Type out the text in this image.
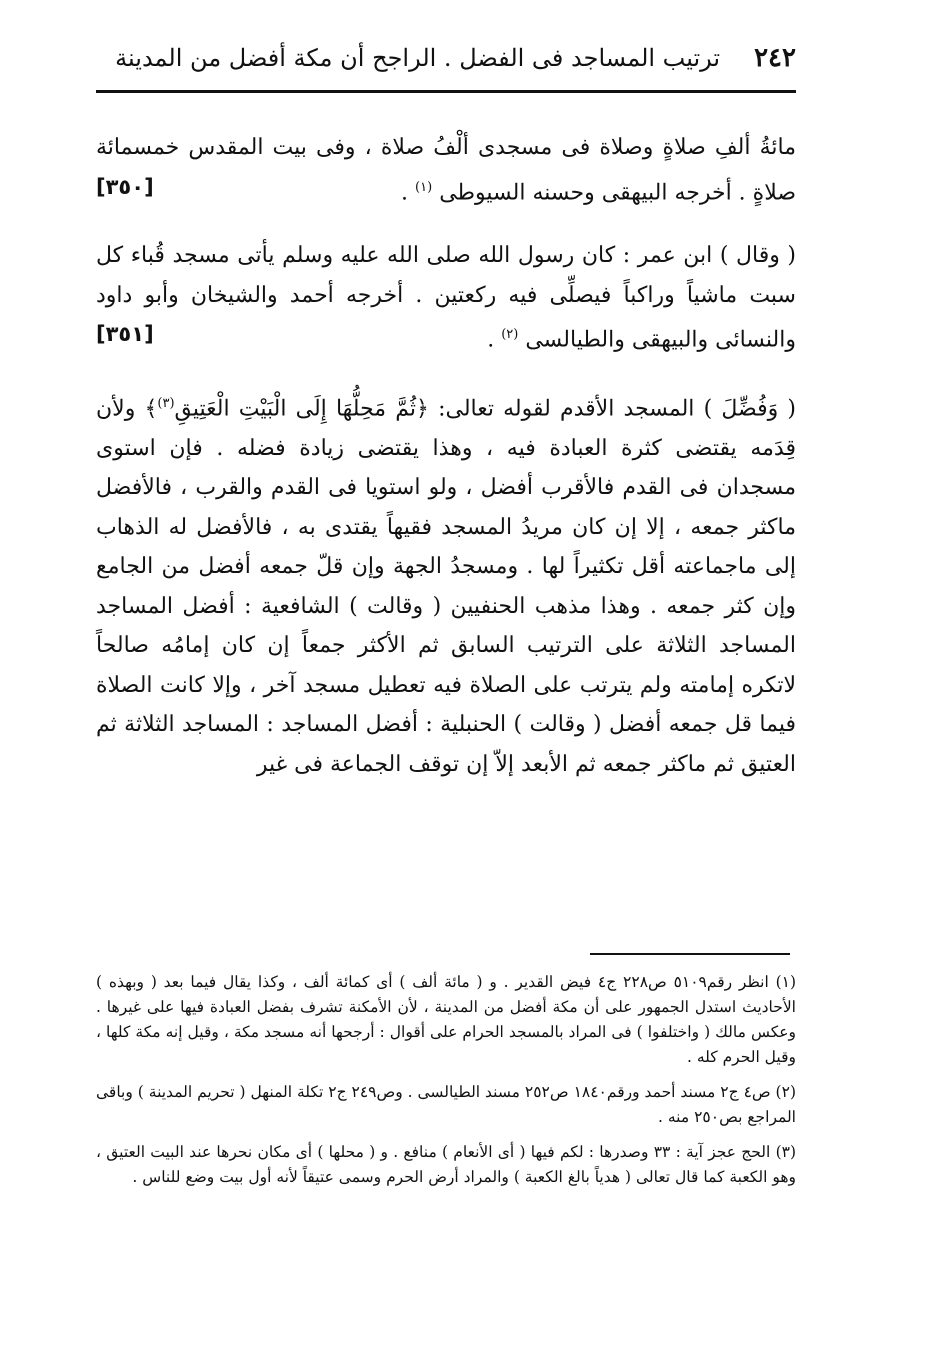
٢٤٢
ترتيب المساجد فى الفضل . الراجح أن مكة أفضل من المدينة

مائةُ ألفِ صلاةٍ وصلاة فى مسجدى ألْفُ صلاة ، وفى بيت المقدس خمسمائة صلاةٍ . أخرجه البيهقى وحسنه السيوطى $^{(١)}$ .
[٣٥٠]

( وقال ) ابن عمر : كان رسول الله صلى الله عليه وسلم يأتى مسجد قُباء كل سبت ماشياً وراكباً فيصلِّى فيه ركعتين . أخرجه أحمد والشيخان وأبو داود والنسائى والبيهقى والطيالسى $^{(٢)}$ .
[٣٥١]

( وَفُضِّلَ ) المسجد الأقدم لقوله تعالى: ﴿ثُمَّ مَحِلُّهَا إِلَى الْبَيْتِ الْعَتِيقِ$^{(٣)}$﴾ ولأن قِدَمه يقتضى كثرة العبادة فيه ، وهذا يقتضى زيادة فضله . فإن استوى مسجدان فى القدم فالأقرب أفضل ، ولو استويا فى القدم والقرب ، فالأفضل ماكثر جمعه ، إلا إن كان مريدُ المسجد فقيهاً يقتدى به ، فالأفضل له الذهاب إلى ماجماعته أقل تكثيراً لها . ومسجدُ الجهة وإن قلّ جمعه أفضل من الجامع وإن كثر جمعه . وهذا مذهب الحنفيين ( وقالت ) الشافعية : أفضل المساجد المساجد الثلاثة على الترتيب السابق ثم الأكثر جمعاً إن كان إمامُه صالحاً لاتكره إمامته ولم يترتب على الصلاة فيه تعطيل مسجد آخر ، وإلا كانت الصلاة فيما قل جمعه أفضل ( وقالت ) الحنبلية : أفضل المساجد : المساجد الثلاثة ثم العتيق ثم ماكثر جمعه ثم الأبعد إلاّ إن توقف الجماعة فى غير

(١) انظر رقم٥١٠٩ ص٢٢٨ ج٤ فيض القدير . و ( مائة ألف ) أى كمائة ألف ، وكذا يقال فيما بعد ( وبهذه ) الأحاديث استدل الجمهور على أن مكة أفضل من المدينة ، لأن الأمكنة تشرف بفضل العبادة فيها على غيرها . وعكس مالك ( واختلفوا ) فى المراد بالمسجد الحرام على أقوال : أرجحها أنه مسجد مكة ، وقيل إنه مكة كلها ، وقيل الحرم كله .

(٢) ص٤ ج٢ مسند أحمد ورقم١٨٤٠ ص٢٥٢ مسند الطيالسى . وص٢٤٩ ج٢ تكلة المنهل ( تحريم المدينة ) وباقى المراجع بص٢٥٠ منه .

(٣) الحج عجز آية : ٣٣ وصدرها : لكم فيها ( أى الأنعام ) منافع . و ( محلها ) أى مكان نحرها عند البيت العتيق ، وهو الكعبة كما قال تعالى ( هدياً بالغ الكعبة ) والمراد أرض الحرم وسمى عتيقاً لأنه أول بيت وضع للناس .
